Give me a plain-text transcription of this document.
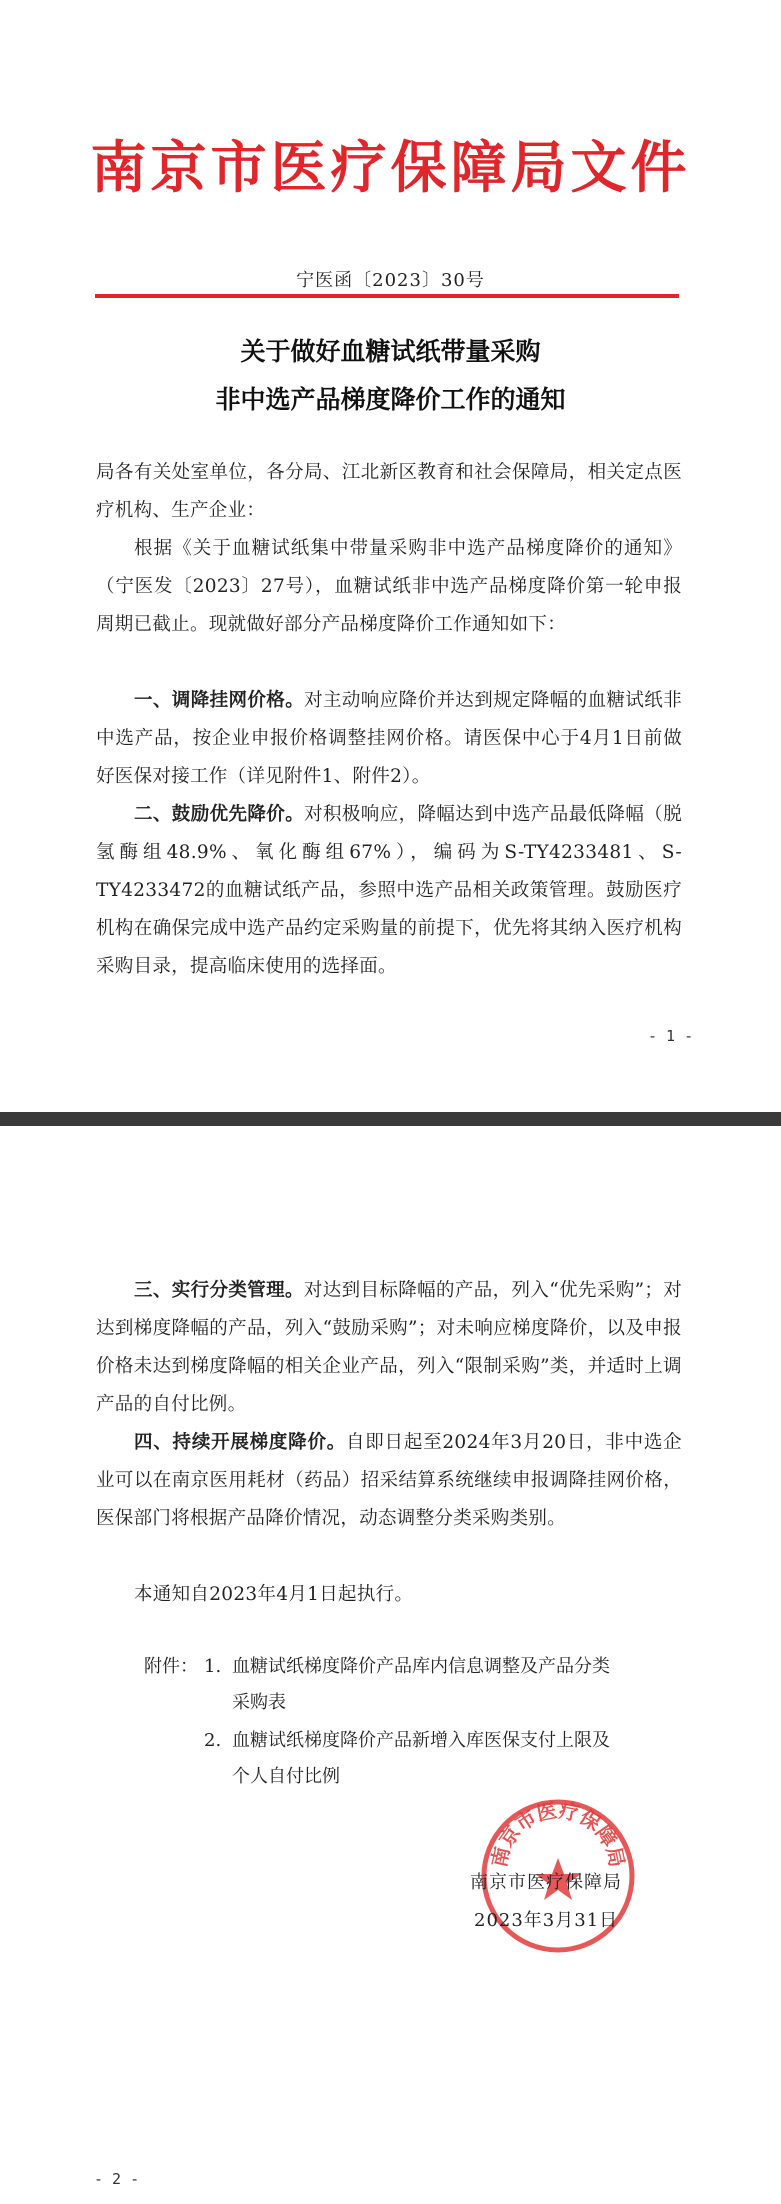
南京市医疗保障局文件
宁医函〔2023〕30号
关于做好血糖试纸带量采购
非中选产品梯度降价工作的通知
局各有关处室单位，各分局、江北新区教育和社会保障局，相关定点医疗机构、生产企业：
根据《关于血糖试纸集中带量采购非中选产品梯度降价的通知》（宁医发〔2023〕27号），血糖试纸非中选产品梯度降价第一轮申报周期已截止。现就做好部分产品梯度降价工作通知如下：
一、调降挂网价格。对主动响应降价并达到规定降幅的血糖试纸非中选产品，按企业申报价格调整挂网价格。请医保中心于4月1日前做好医保对接工作（详见附件1、附件2）。
二、鼓励优先降价。对积极响应，降幅达到中选产品最低降幅（脱氢酶组48.9%、氧化酶组67%），编码为S-TY4233481、S-TY4233472的血糖试纸产品，参照中选产品相关政策管理。鼓励医疗机构在确保完成中选产品约定采购量的前提下，优先将其纳入医疗机构采购目录，提高临床使用的选择面。
- 1 -
三、实行分类管理。对达到目标降幅的产品，列入“优先采购”；对达到梯度降幅的产品，列入“鼓励采购”；对未响应梯度降价，以及申报价格未达到梯度降幅的相关企业产品，列入“限制采购”类，并适时上调产品的自付比例。
四、持续开展梯度降价。自即日起至2024年3月20日，非中选企业可以在南京医用耗材（药品）招采结算系统继续申报调降挂网价格，医保部门将根据产品降价情况，动态调整分类采购类别。
本通知自2023年4月1日起执行。
附件： 1. 血糖试纸梯度降价产品库内信息调整及产品分类
采购表
2. 血糖试纸梯度降价产品新增入库医保支付上限及
个人自付比例
- 2 -
南京市医疗保障局
南京市医疗保障局
2023年3月31日
